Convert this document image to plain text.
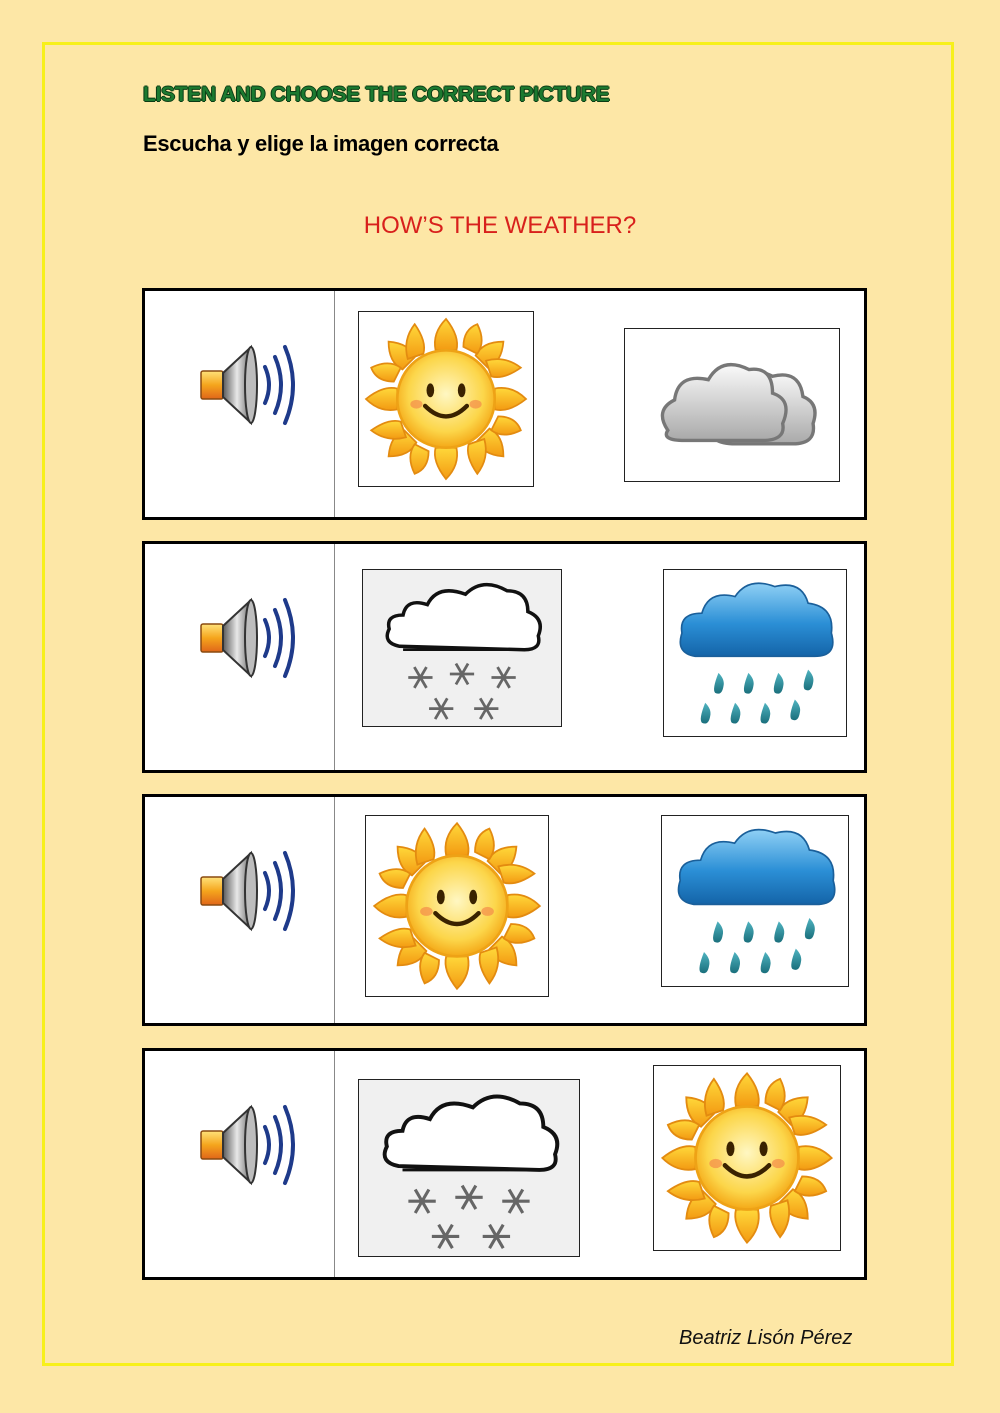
LISTEN AND CHOOSE THE CORRECT PICTURE
Escucha y elige la imagen correcta
HOW’S THE WEATHER?
Beatriz Lisón Pérez
